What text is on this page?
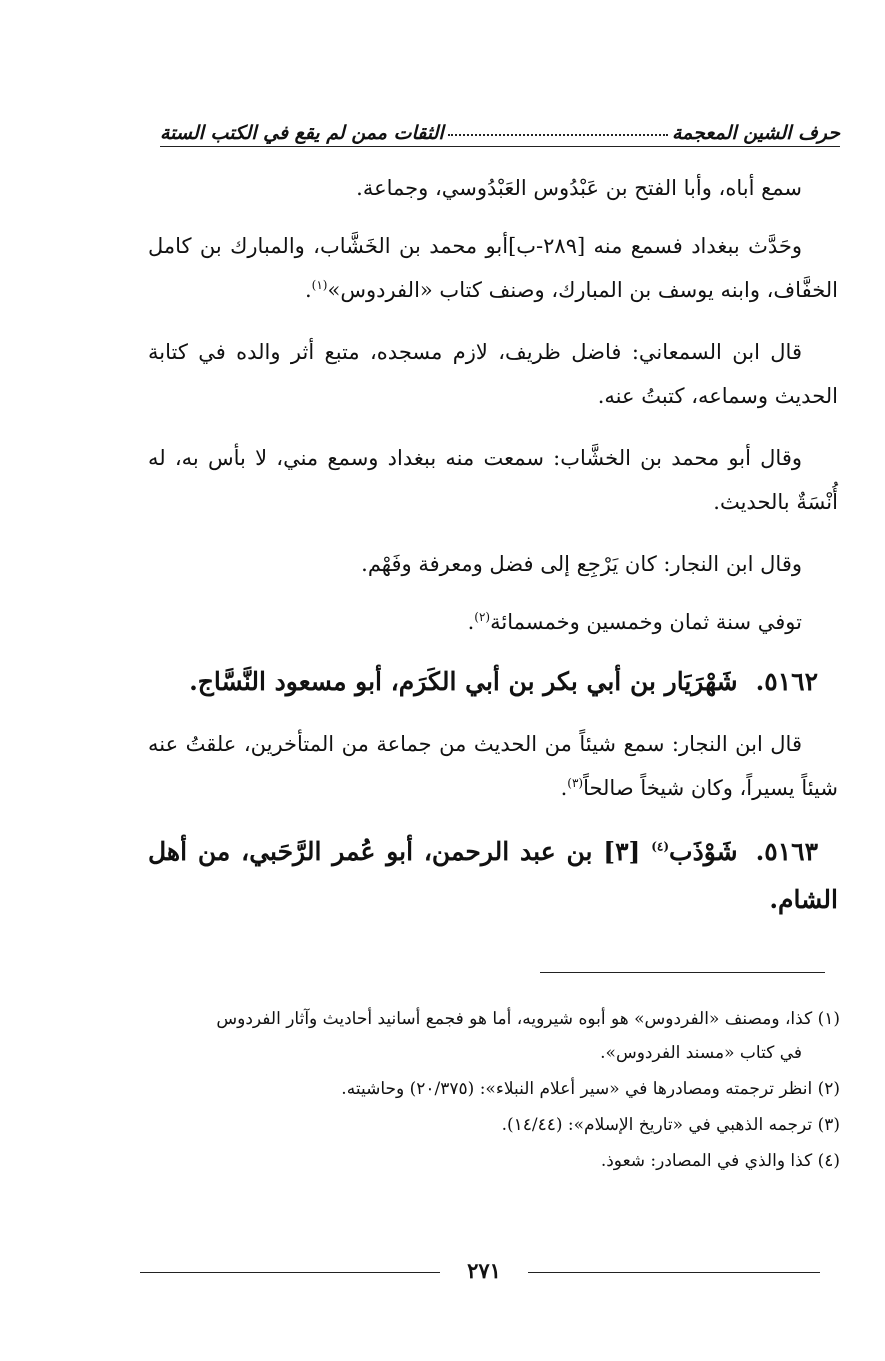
حرف الشين المعجمة
الثقات ممن لم يقع في الكتب الستة

سمع أباه، وأبا الفتح بن عَبْدُوس العَبْدُوسي، وجماعة.

وحَدَّث ببغداد فسمع منه [٢٨٩-ب]أبو محمد بن الخَشَّاب، والمبارك بن كامل الخفَّاف، وابنه يوسف بن المبارك، وصنف كتاب «الفردوس»$^{(١)}$.

قال ابن السمعاني: فاضل ظريف، لازم مسجده، متبع أثر والده في كتابة الحديث وسماعه، كتبتُ عنه.

وقال أبو محمد بن الخشَّاب: سمعت منه ببغداد وسمع مني، لا بأس به، له أُنْسَةٌ بالحديث.

وقال ابن النجار: كان يَرْجِع إلى فضل ومعرفة وفَهْم.

توفي سنة ثمان وخمسين وخمسمائة$^{(٢)}$.

٥١٦٢.شَهْرَيَار بن أبي بكر بن أبي الكَرَم، أبو مسعود النَّسَّاج.

قال ابن النجار: سمع شيئاً من الحديث من جماعة من المتأخرين، علقتُ عنه شيئاً يسيراً، وكان شيخاً صالحاً$^{(٣)}$.

٥١٦٣.شَوْذَب$^{(٤)}$ [٣] بن عبد الرحمن، أبو عُمر الرَّحَبي، من أهل الشام.
(١) كذا، ومصنف «الفردوس» هو أبوه شيرويه، أما هو فجمع أسانيد أحاديث وآثار الفردوس
في كتاب «مسند الفردوس».
(٢) انظر ترجمته ومصادرها في «سير أعلام النبلاء»: (٢٠/٣٧٥) وحاشيته.
(٣) ترجمه الذهبي في «تاريخ الإسلام»: (١٤/٤٤).
(٤) كذا والذي في المصادر: شعوذ.
٢٧١
